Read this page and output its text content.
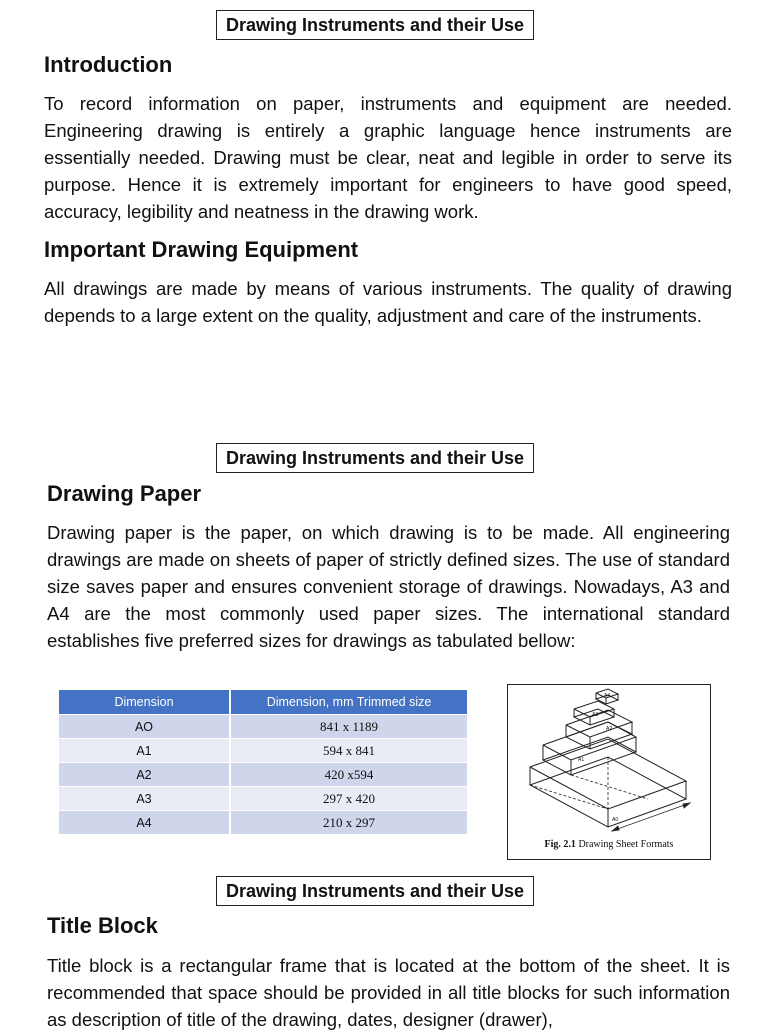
Drawing Instruments and their Use
Introduction

To record information on paper, instruments and equipment are needed. Engineering drawing is entirely a graphic language hence instruments are essentially needed. Drawing must be clear, neat and legible in order to serve its purpose. Hence it is extremely important for engineers to have good speed, accuracy, legibility and neatness in the drawing work.

Important Drawing Equipment

All drawings are made by means of various instruments. The quality of drawing depends to a large extent on the quality, adjustment and care of the instruments.

Drawing Instruments and their Use
Drawing Paper

Drawing paper is the paper, on which drawing is to be made. All engineering drawings are made on sheets of paper of strictly defined sizes. The use of standard size saves paper and ensures convenient storage of drawings. Nowadays, A3 and A4 are the most commonly used paper sizes. The international standard establishes five preferred sizes for drawings as tabulated bellow:

Dimension	Dimension, mm Trimmed size
AO	841 x 1189
A1	594 x 841
A2	420 x594
A3	297 x 420
A4	210 x 297
A4
A3
A2
A1
A0
Fig. 2.1 Drawing Sheet Formats
Drawing Instruments and their Use
Title Block

Title block is a rectangular frame that is located at the bottom of the sheet. It is recommended that space should be provided in all title blocks for such information as description of title of the drawing, dates, designer (drawer),
